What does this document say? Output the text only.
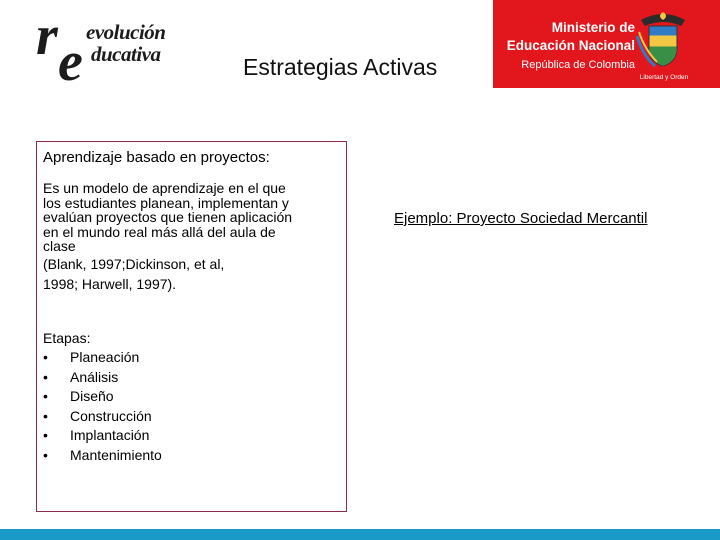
r e evolución
ducativa	Estrategias Activas
Ministerio de
Educación Nacional
República de Colombia
Libertad y Orden
Aprendizaje basado en proyectos:
Es un modelo de aprendizaje en el que los estudiantes planean, implementan y evalúan proyectos que tienen aplicación en el mundo real más allá del aula de clase
(Blank, 1997;Dickinson, et al,
1998; Harwell, 1997).
Etapas:
• Planeación
• Análisis
• Diseño
• Construcción
• Implantación
• Mantenimiento
Ejemplo: Proyecto Sociedad Mercantil
